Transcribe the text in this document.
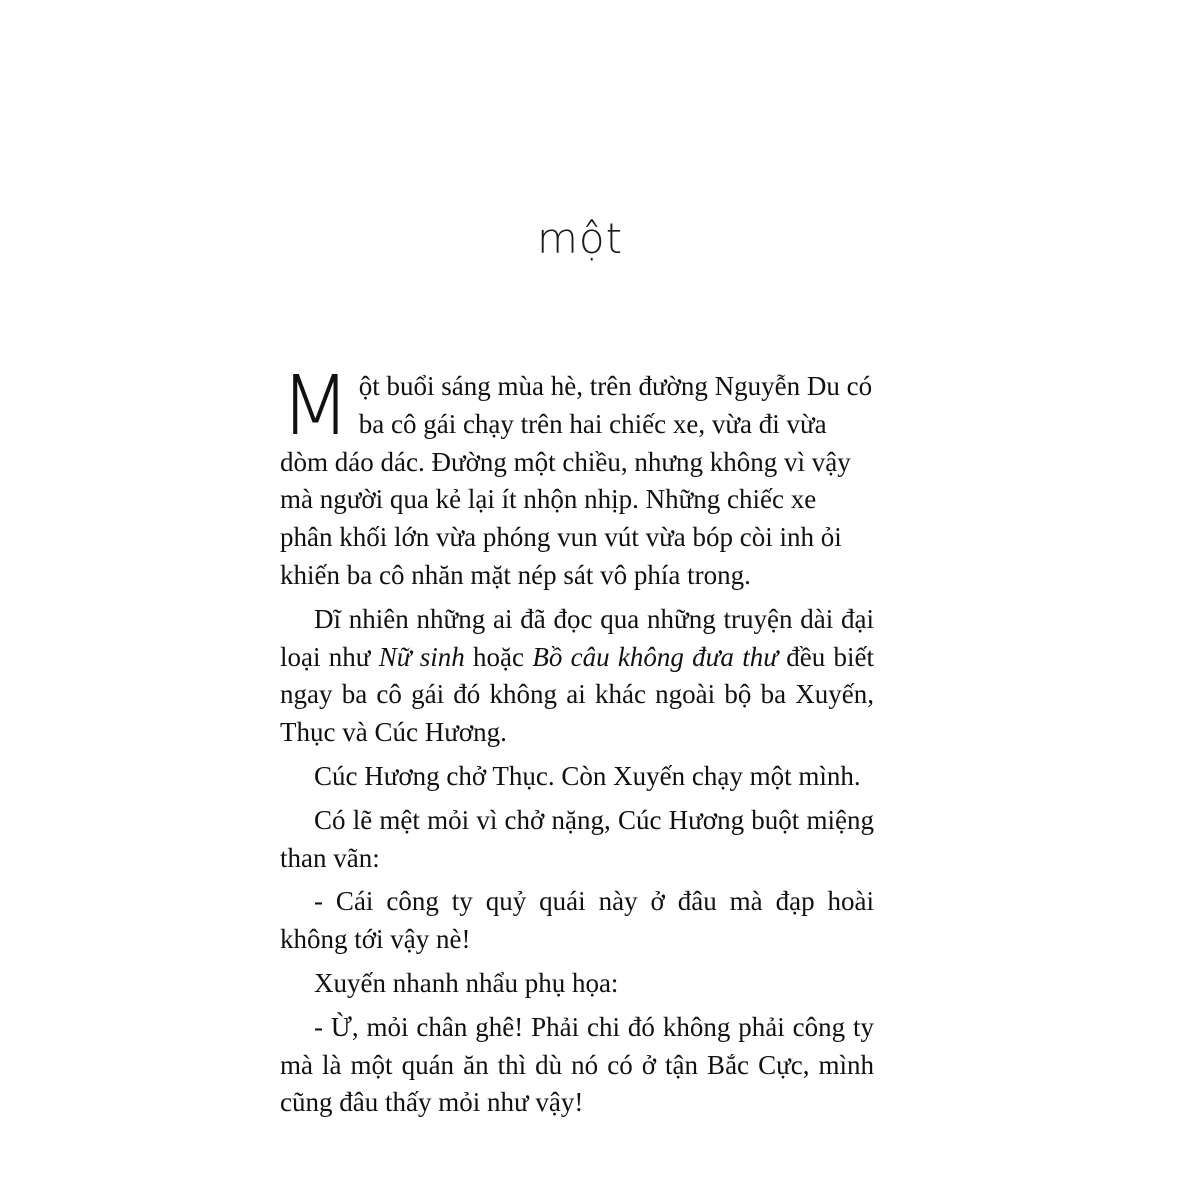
một

Một buổi sáng mùa hè, trên đường Nguyễn Du có ba cô gái chạy trên hai chiếc xe, vừa đi vừa dòm dáo dác. Đường một chiều, nhưng không vì vậy mà người qua kẻ lại ít nhộn nhịp. Những chiếc xe phân khối lớn vừa phóng vun vút vừa bóp còi inh ỏi khiến ba cô nhăn mặt nép sát vô phía trong.

Dĩ nhiên những ai đã đọc qua những truyện dài đại loại như Nữ sinh hoặc Bồ câu không đưa thư đều biết ngay ba cô gái đó không ai khác ngoài bộ ba Xuyến, Thục và Cúc Hương.

Cúc Hương chở Thục. Còn Xuyến chạy một mình.

Có lẽ mệt mỏi vì chở nặng, Cúc Hương buột miệng than vãn:

- Cái công ty quỷ quái này ở đâu mà đạp hoài không tới vậy nè!

Xuyến nhanh nhẩu phụ họa:

- Ừ, mỏi chân ghê! Phải chi đó không phải công ty mà là một quán ăn thì dù nó có ở tận Bắc Cực, mình cũng đâu thấy mỏi như vậy!
